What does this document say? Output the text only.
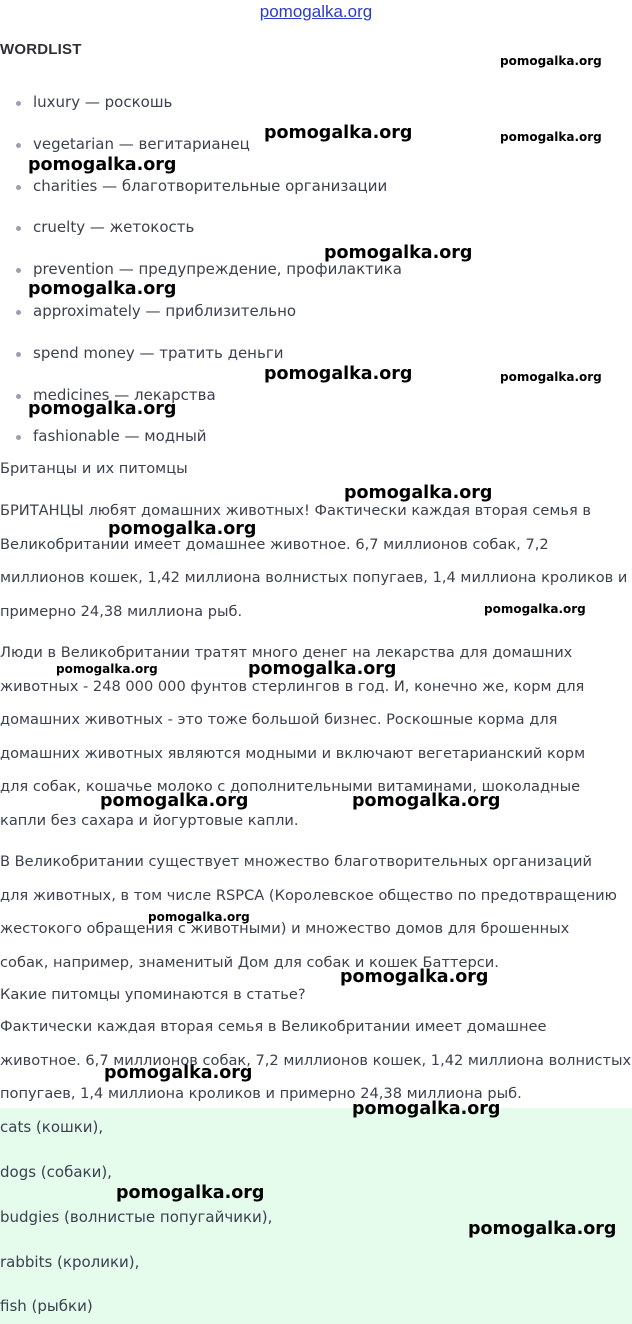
pomogalka.org
WORDLIST
luxury — роскошь
vegetarian — вегитарианец
charities — благотворительные организации
cruelty — жетокость
prevention — предупреждение, профилактика
approximately — приблизительно
spend money — тратить деньги
medicines — лекарства
fashionable — модный
Британцы и их питомцы
БРИТАНЦЫ любят домашних животных! Фактически каждая вторая семья в
Великобритании имеет домашнее животное. 6,7 миллионов собак, 7,2
миллионов кошек, 1,42 миллиона волнистых попугаев, 1,4 миллиона кроликов и
примерно 24,38 миллиона рыб.
Люди в Великобритании тратят много денег на лекарства для домашних
животных - 248 000 000 фунтов стерлингов в год. И, конечно же, корм для
домашних животных - это тоже большой бизнес. Роскошные корма для
домашних животных являются модными и включают вегетарианский корм
для собак, кошачье молоко с дополнительными витаминами, шоколадные
капли без сахара и йогуртовые капли.
В Великобритании существует множество благотворительных организаций
для животных, в том числе RSPCA (Королевское общество по предотвращению
жестокого обращения с животными) и множество домов для брошенных
собак, например, знаменитый Дом для собак и кошек Баттерси.
Какие питомцы упоминаются в статье?
Фактически каждая вторая семья в Великобритании имеет домашнее
животное. 6,7 миллионов собак, 7,2 миллионов кошек, 1,42 миллиона волнистых
попугаев, 1,4 миллиона кроликов и примерно 24,38 миллиона рыб.
cats (кошки),
dogs (собаки),
budgies (волнистые попугайчики),
rabbits (кролики),
fish (рыбки)
pomogalka.org
pomogalka.org	pomogalka.org
pomogalka.org
pomogalka.org
pomogalka.org
pomogalka.org	pomogalka.org
pomogalka.org
pomogalka.org
pomogalka.org
pomogalka.org
pomogalka.org	pomogalka.org
pomogalka.org	pomogalka.org
pomogalka.org
pomogalka.org
pomogalka.org
pomogalka.org
pomogalka.org
pomogalka.org
